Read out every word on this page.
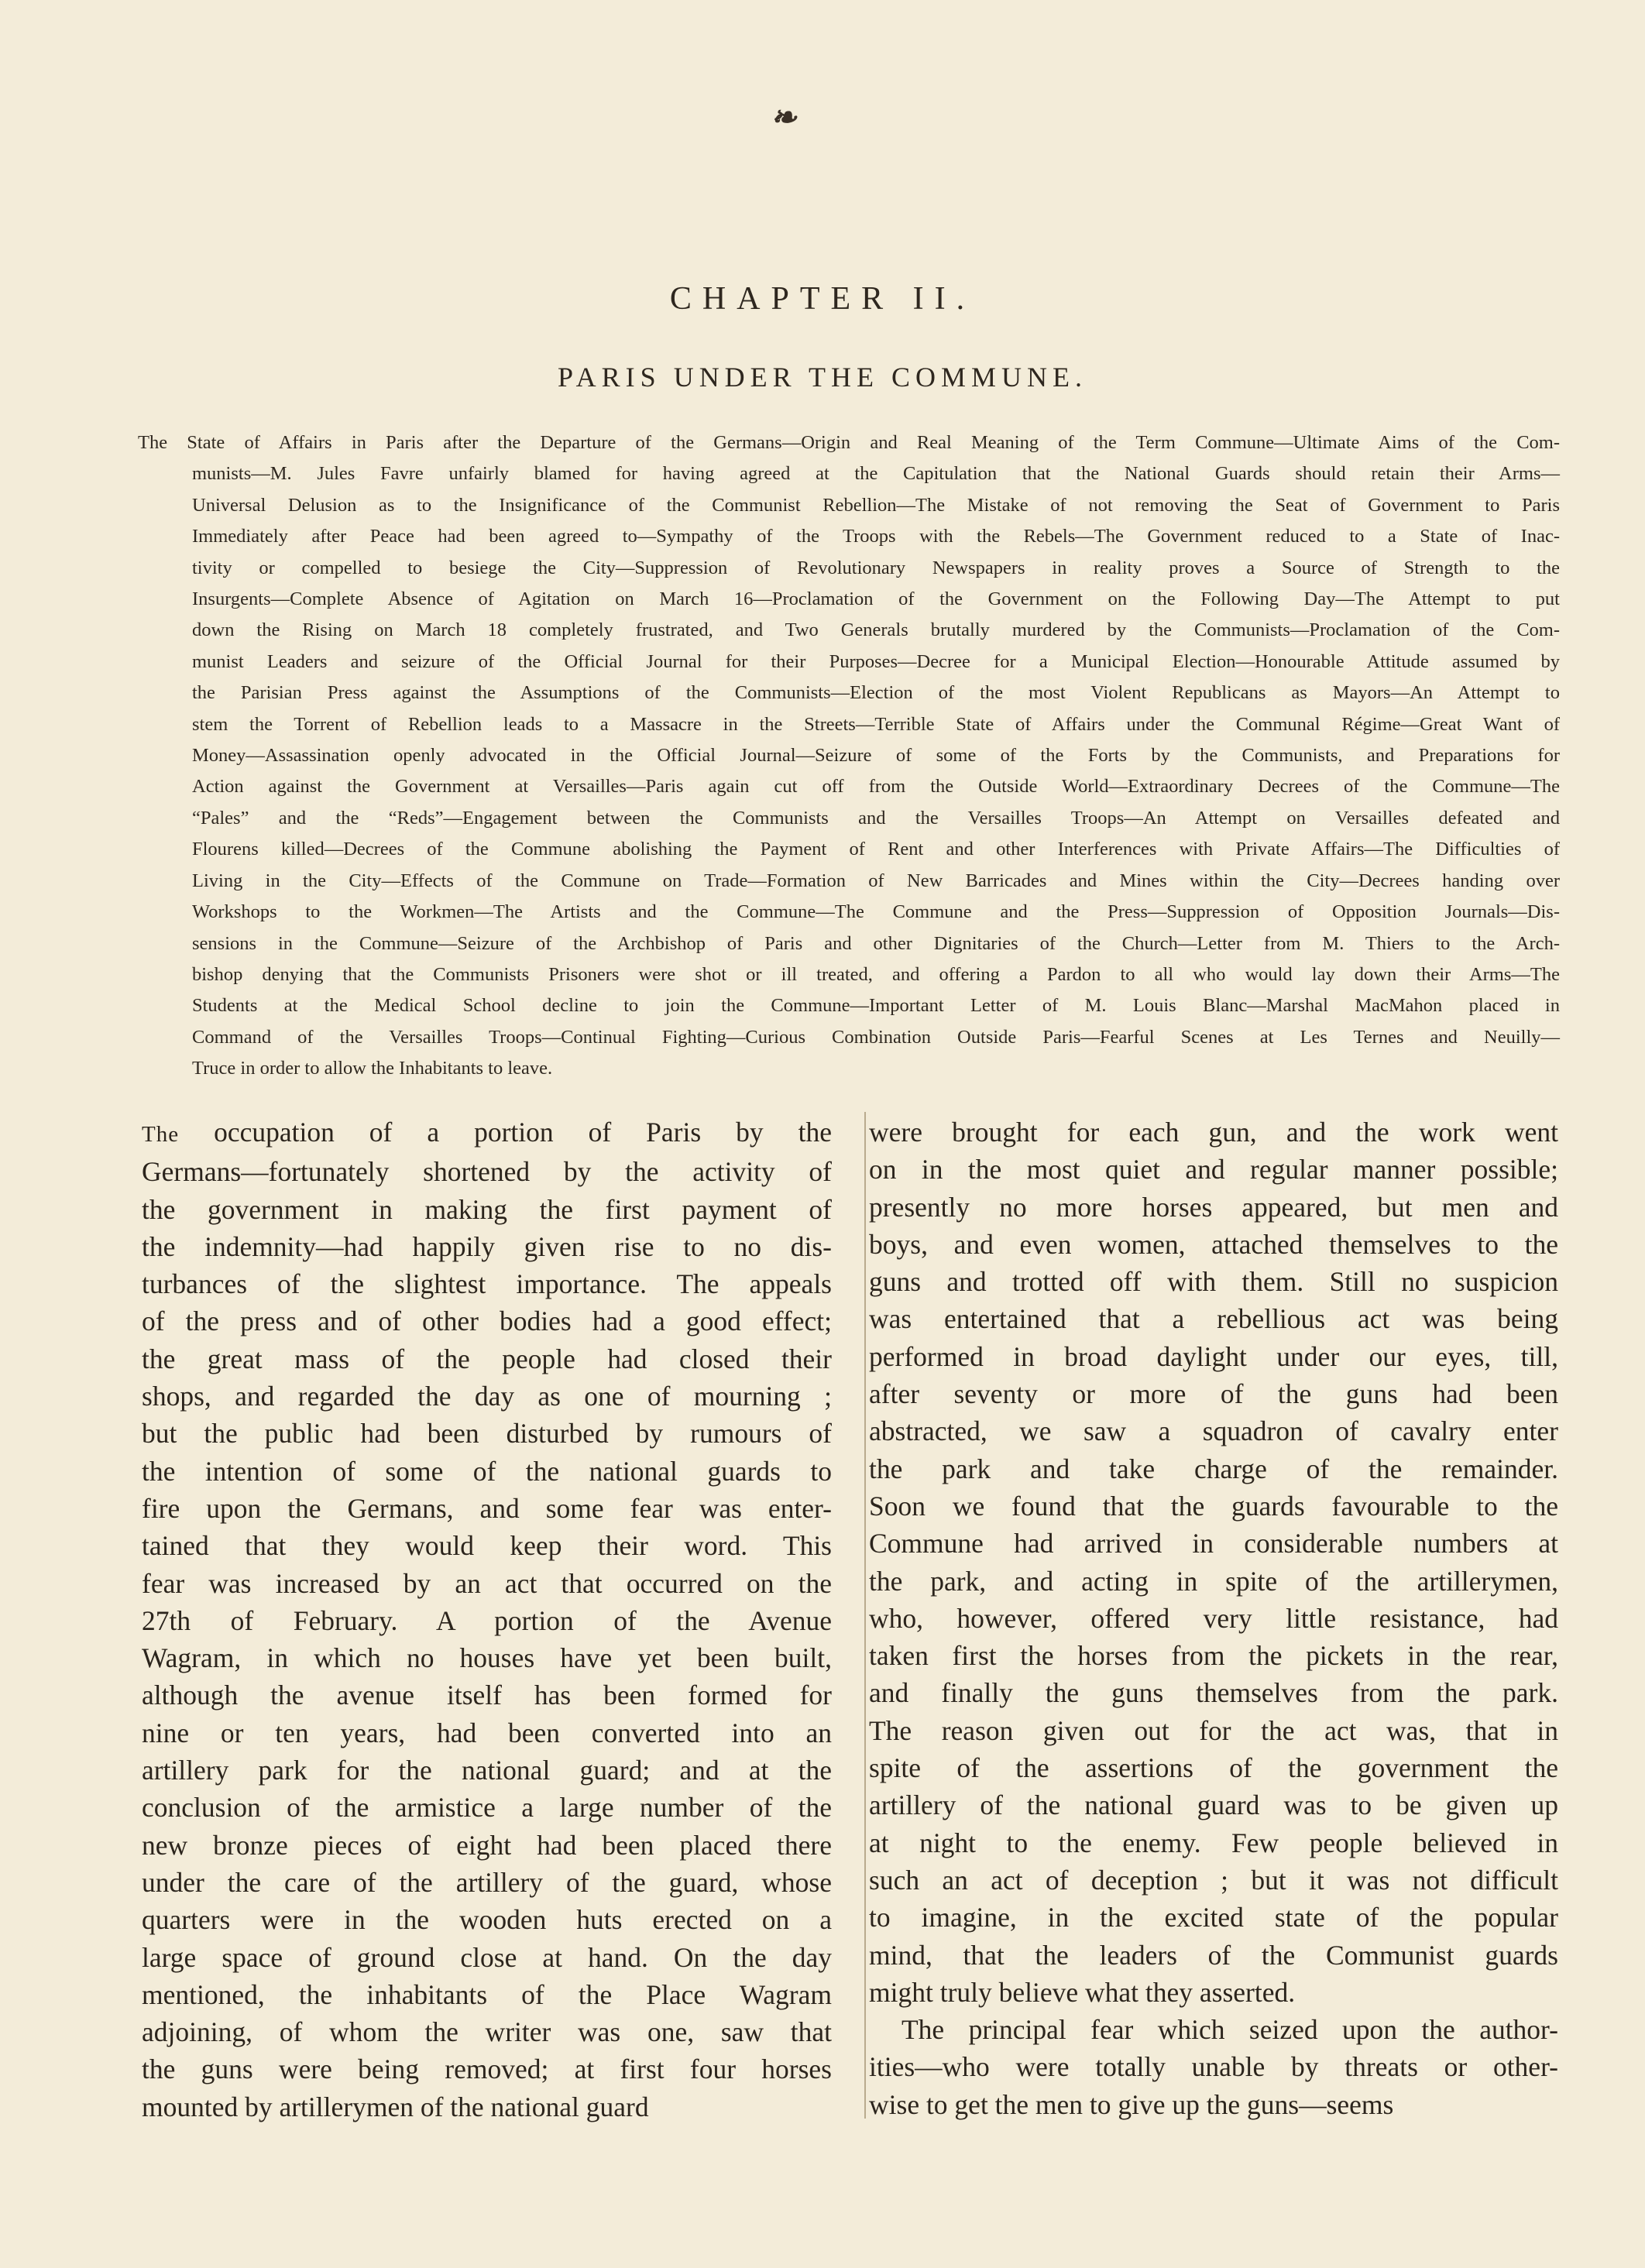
❧
CHAPTER II.
PARIS UNDER THE COMMUNE.
The State of Affairs in Paris after the Departure of the Germans—Origin and Real Meaning of the Term Commune—Ultimate Aims of the Com-
munists—M. Jules Favre unfairly blamed for having agreed at the Capitulation that the National Guards should retain their Arms—
Universal Delusion as to the Insignificance of the Communist Rebellion—The Mistake of not removing the Seat of Government to Paris
Immediately after Peace had been agreed to—Sympathy of the Troops with the Rebels—The Government reduced to a State of Inac-
tivity or compelled to besiege the City—Suppression of Revolutionary Newspapers in reality proves a Source of Strength to the
Insurgents—Complete Absence of Agitation on March 16—Proclamation of the Government on the Following Day—The Attempt to put
down the Rising on March 18 completely frustrated, and Two Generals brutally murdered by the Communists—Proclamation of the Com-
munist Leaders and seizure of the Official Journal for their Purposes—Decree for a Municipal Election—Honourable Attitude assumed by
the Parisian Press against the Assumptions of the Communists—Election of the most Violent Republicans as Mayors—An Attempt to
stem the Torrent of Rebellion leads to a Massacre in the Streets—Terrible State of Affairs under the Communal Régime—Great Want of
Money—Assassination openly advocated in the Official Journal—Seizure of some of the Forts by the Communists, and Preparations for
Action against the Government at Versailles—Paris again cut off from the Outside World—Extraordinary Decrees of the Commune—The
“Pales” and the “Reds”—Engagement between the Communists and the Versailles Troops—An Attempt on Versailles defeated and
Flourens killed—Decrees of the Commune abolishing the Payment of Rent and other Interferences with Private Affairs—The Difficulties of
Living in the City—Effects of the Commune on Trade—Formation of New Barricades and Mines within the City—Decrees handing over
Workshops to the Workmen—The Artists and the Commune—The Commune and the Press—Suppression of Opposition Journals—Dis-
sensions in the Commune—Seizure of the Archbishop of Paris and other Dignitaries of the Church—Letter from M. Thiers to the Arch-
bishop denying that the Communists Prisoners were shot or ill treated, and offering a Pardon to all who would lay down their Arms—The
Students at the Medical School decline to join the Commune—Important Letter of M. Louis Blanc—Marshal MacMahon placed in
Command of the Versailles Troops—Continual Fighting—Curious Combination Outside Paris—Fearful Scenes at Les Ternes and Neuilly—
Truce in order to allow the Inhabitants to leave.
The occupation of a portion of Paris by the
Germans—fortunately shortened by the activity of
the government in making the first payment of
the indemnity—had happily given rise to no dis-
turbances of the slightest importance. The appeals
of the press and of other bodies had a good effect;
the great mass of the people had closed their
shops, and regarded the day as one of mourning ;
but the public had been disturbed by rumours of
the intention of some of the national guards to
fire upon the Germans, and some fear was enter-
tained that they would keep their word. This
fear was increased by an act that occurred on the
27th of February. A portion of the Avenue
Wagram, in which no houses have yet been built,
although the avenue itself has been formed for
nine or ten years, had been converted into an
artillery park for the national guard; and at the
conclusion of the armistice a large number of the
new bronze pieces of eight had been placed there
under the care of the artillery of the guard, whose
quarters were in the wooden huts erected on a
large space of ground close at hand. On the day
mentioned, the inhabitants of the Place Wagram
adjoining, of whom the writer was one, saw that
the guns were being removed; at first four horses
mounted by artillerymen of the national guard
were brought for each gun, and the work went
on in the most quiet and regular manner possible;
presently no more horses appeared, but men and
boys, and even women, attached themselves to the
guns and trotted off with them. Still no suspicion
was entertained that a rebellious act was being
performed in broad daylight under our eyes, till,
after seventy or more of the guns had been
abstracted, we saw a squadron of cavalry enter
the park and take charge of the remainder.
Soon we found that the guards favourable to the
Commune had arrived in considerable numbers at
the park, and acting in spite of the artillerymen,
who, however, offered very little resistance, had
taken first the horses from the pickets in the rear,
and finally the guns themselves from the park.
The reason given out for the act was, that in
spite of the assertions of the government the
artillery of the national guard was to be given up
at night to the enemy. Few people believed in
such an act of deception ; but it was not difficult
to imagine, in the excited state of the popular
mind, that the leaders of the Communist guards
might truly believe what they asserted.
The principal fear which seized upon the author-
ities—who were totally unable by threats or other-
wise to get the men to give up the guns—seems
